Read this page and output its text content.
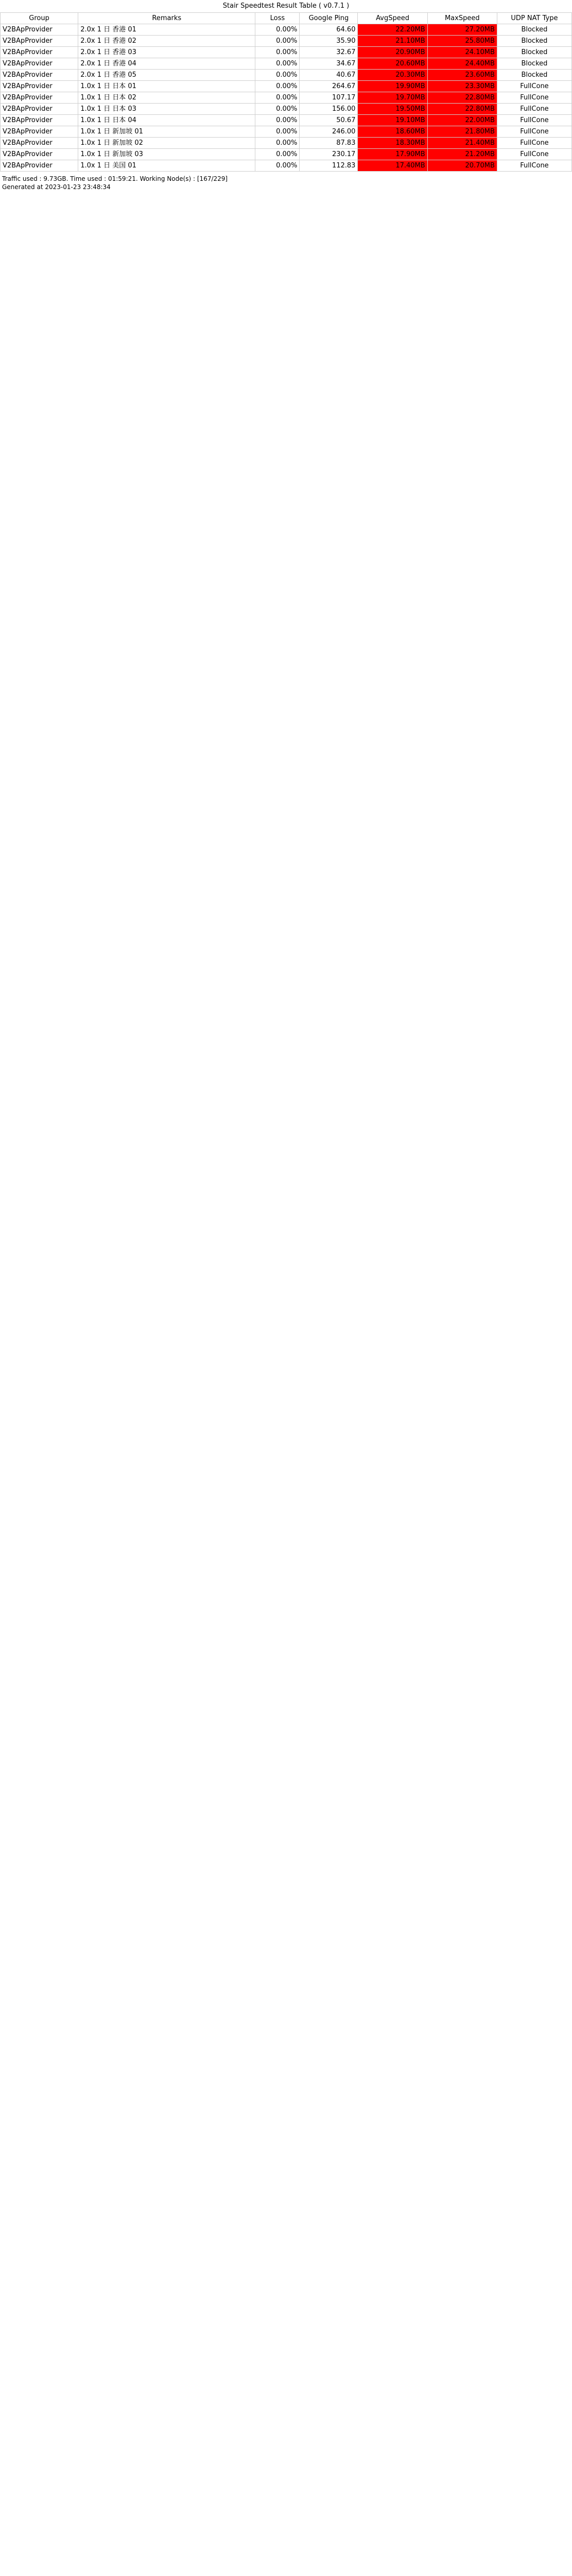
Stair Speedtest Result Table ( v0.7.1 )
Group	Remarks	Loss	Google Ping	AvgSpeed	MaxSpeed	UDP NAT Type
V2BApProvider	2.0x 1 日 香港 01	0.00%	64.60	22.20MB	27.20MB	Blocked
V2BApProvider	2.0x 1 日 香港 02	0.00%	35.90	21.10MB	25.80MB	Blocked
V2BApProvider	2.0x 1 日 香港 03	0.00%	32.67	20.90MB	24.10MB	Blocked
V2BApProvider	2.0x 1 日 香港 04	0.00%	34.67	20.60MB	24.40MB	Blocked
V2BApProvider	2.0x 1 日 香港 05	0.00%	40.67	20.30MB	23.60MB	Blocked
V2BApProvider	1.0x 1 日 日本 01	0.00%	264.67	19.90MB	23.30MB	FullCone
V2BApProvider	1.0x 1 日 日本 02	0.00%	107.17	19.70MB	22.80MB	FullCone
V2BApProvider	1.0x 1 日 日本 03	0.00%	156.00	19.50MB	22.80MB	FullCone
V2BApProvider	1.0x 1 日 日本 04	0.00%	50.67	19.10MB	22.00MB	FullCone
V2BApProvider	1.0x 1 日 新加坡 01	0.00%	246.00	18.60MB	21.80MB	FullCone
V2BApProvider	1.0x 1 日 新加坡 02	0.00%	87.83	18.30MB	21.40MB	FullCone
V2BApProvider	1.0x 1 日 新加坡 03	0.00%	230.17	17.90MB	21.20MB	FullCone
V2BApProvider	1.0x 1 日 美国 01	0.00%	112.83	17.40MB	20.70MB	FullCone
Traffic used : 9.73GB. Time used : 01:59:21. Working Node(s) : [167/229]
Generated at 2023-01-23 23:48:34
